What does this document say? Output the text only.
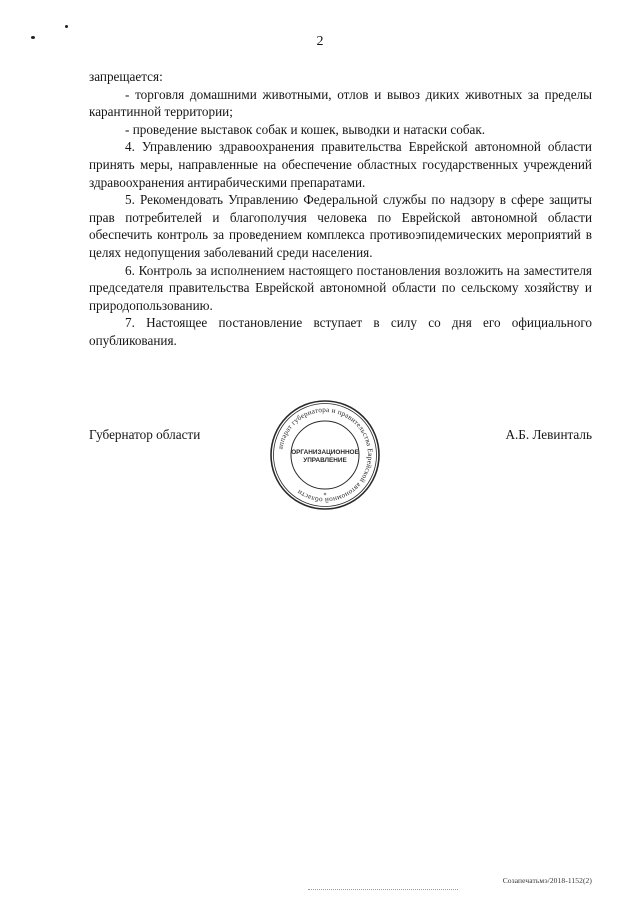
2

запрещается:

- торговля домашними животными, отлов и вывоз диких животных за пределы карантинной территории;

- проведение выставок собак и кошек, выводки и натаски собак.

4. Управлению здравоохранения правительства Еврейской автономной области принять меры, направленные на обеспечение областных государственных учреждений здравоохранения антирабическими препаратами.

5. Рекомендовать Управлению Федеральной службы по надзору в сфере защиты прав потребителей и благополучия человека по Еврейской автономной области обеспечить контроль за проведением комплекса противоэпидемических мероприятий в целях недопущения заболеваний среди населения.

6. Контроль за исполнением настоящего постановления возложить на заместителя председателя правительства Еврейской автономной области по сельскому хозяйству и природопользованию.

7. Настоящее постановление вступает в силу со дня его официального опубликования.

Губернатор области	А.Б. Левинталь
аппарат губернатора и правительства Еврейской автономной области
ОРГАНИЗАЦИОННОЕ
УПРАВЛЕНИЕ
*
Созапечатьмэ/2018-1152(2)
